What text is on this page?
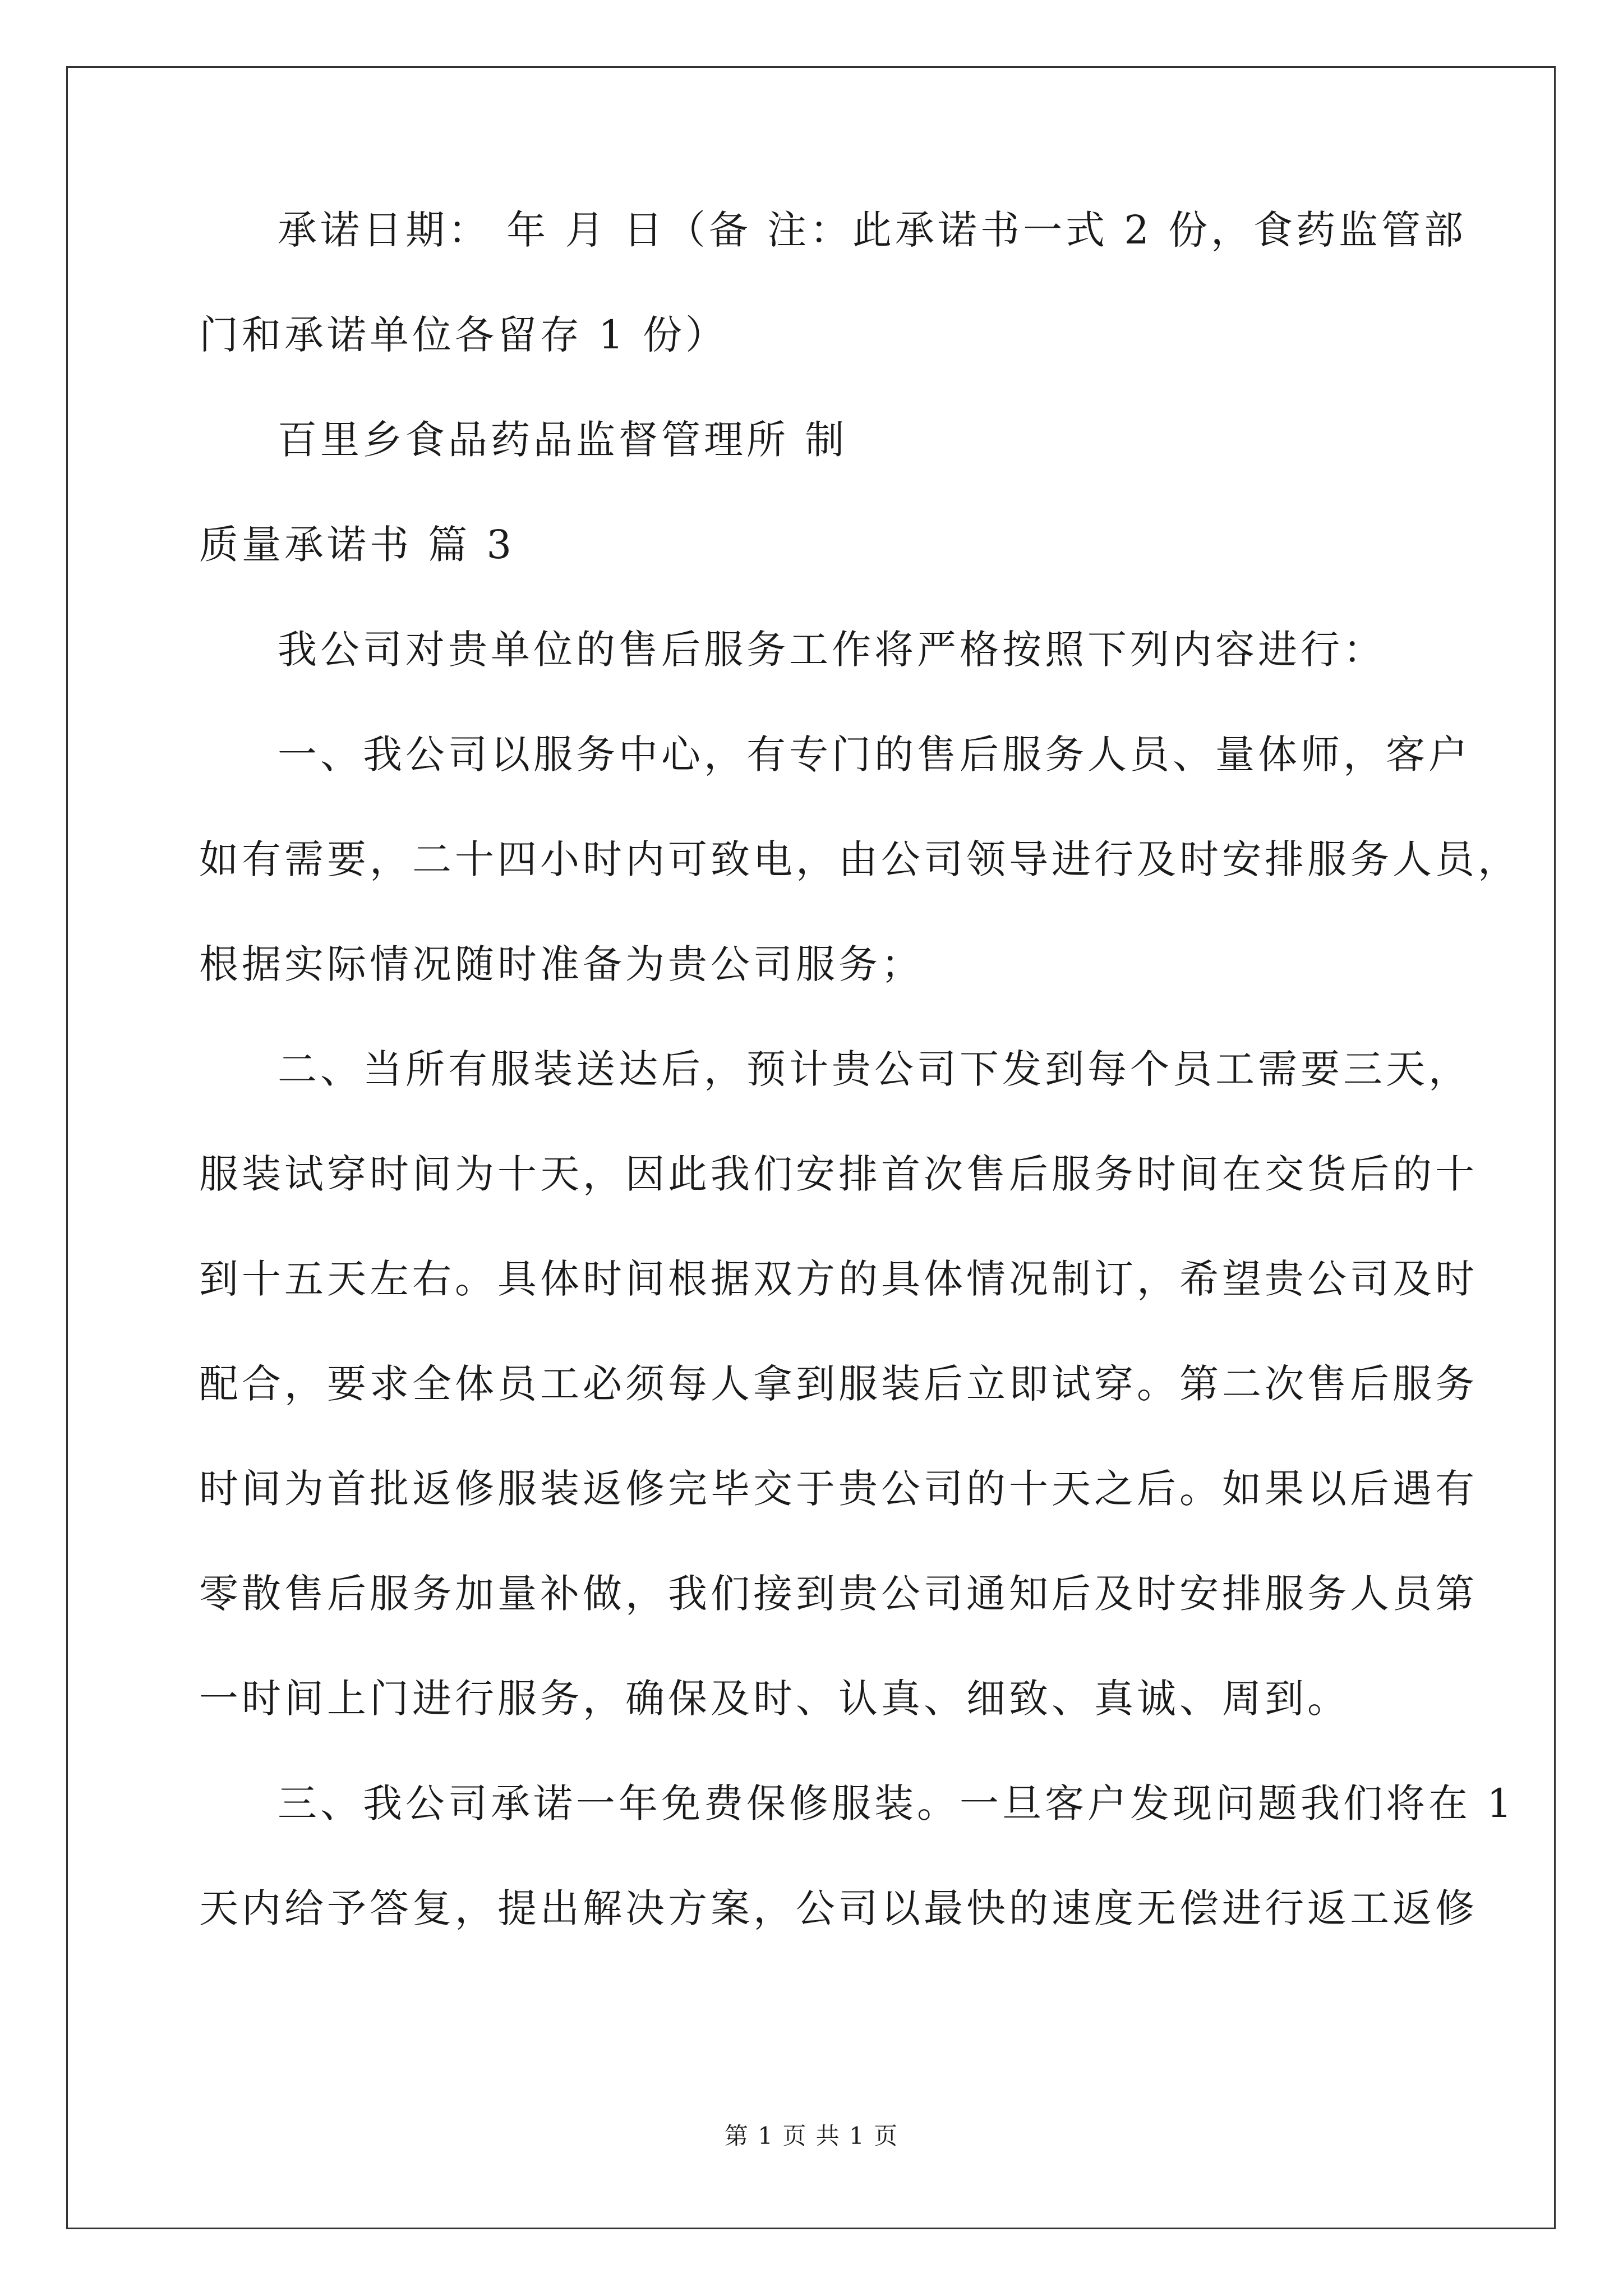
承诺日期： 年 月 日（备 注：此承诺书一式 2 份，食药监管部
门和承诺单位各留存 1 份）
百里乡食品药品监督管理所 制
质量承诺书 篇 3
我公司对贵单位的售后服务工作将严格按照下列内容进行：
一、我公司以服务中心，有专门的售后服务人员、量体师，客户
如有需要，二十四小时内可致电，由公司领导进行及时安排服务人员，
根据实际情况随时准备为贵公司服务；
二、当所有服装送达后，预计贵公司下发到每个员工需要三天，
服装试穿时间为十天，因此我们安排首次售后服务时间在交货后的十
到十五天左右。具体时间根据双方的具体情况制订，希望贵公司及时
配合，要求全体员工必须每人拿到服装后立即试穿。第二次售后服务
时间为首批返修服装返修完毕交于贵公司的十天之后。如果以后遇有
零散售后服务加量补做，我们接到贵公司通知后及时安排服务人员第
一时间上门进行服务，确保及时、认真、细致、真诚、周到。
三、我公司承诺一年免费保修服装。一旦客户发现问题我们将在 1
天内给予答复，提出解决方案，公司以最快的速度无偿进行返工返修
第 1 页 共 1 页
